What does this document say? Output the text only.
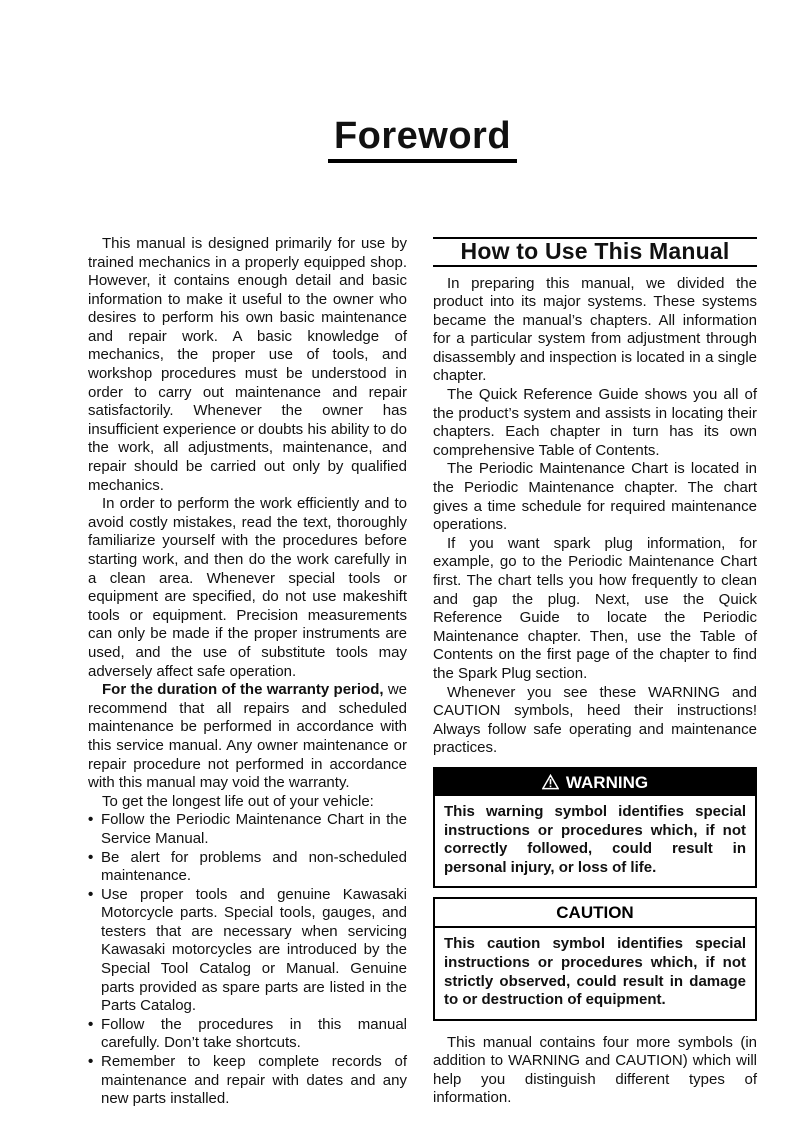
Foreword

This manual is designed primarily for use by trained mechanics in a properly equipped shop. However, it contains enough detail and basic information to make it useful to the owner who desires to perform his own basic maintenance and repair work. A basic knowledge of mechanics, the proper use of tools, and workshop procedures must be understood in order to carry out maintenance and repair satisfactorily. Whenever the owner has insufficient experience or doubts his ability to do the work, all adjustments, maintenance, and repair should be carried out only by qualified mechanics.

In order to perform the work efficiently and to avoid costly mistakes, read the text, thoroughly familiarize yourself with the procedures before starting work, and then do the work carefully in a clean area. Whenever special tools or equipment are specified, do not use makeshift tools or equipment. Precision measurements can only be made if the proper instruments are used, and the use of substitute tools may adversely affect safe operation.

For the duration of the warranty period, we recommend that all repairs and scheduled maintenance be performed in accordance with this service manual. Any owner maintenance or repair procedure not performed in accordance with this manual may void the warranty.

To get the longest life out of your vehicle:

• Follow the Periodic Maintenance Chart in the Service Manual.
• Be alert for problems and non-scheduled maintenance.
• Use proper tools and genuine Kawasaki Motorcycle parts. Special tools, gauges, and testers that are necessary when servicing Kawasaki motorcycles are introduced by the Special Tool Catalog or Manual. Genuine parts provided as spare parts are listed in the Parts Catalog.
• Follow the procedures in this manual carefully. Don’t take shortcuts.
• Remember to keep complete records of maintenance and repair with dates and any new parts installed.
How to Use This Manual

In preparing this manual, we divided the product into its major systems. These systems became the manual’s chapters. All information for a particular system from adjustment through disassembly and inspection is located in a single chapter.

The Quick Reference Guide shows you all of the product’s system and assists in locating their chapters. Each chapter in turn has its own comprehensive Table of Contents.

The Periodic Maintenance Chart is located in the Periodic Maintenance chapter. The chart gives a time schedule for required maintenance operations.

If you want spark plug information, for example, go to the Periodic Maintenance Chart first. The chart tells you how frequently to clean and gap the plug. Next, use the Quick Reference Guide to locate the Periodic Maintenance chapter. Then, use the Table of Contents on the first page of the chapter to find the Spark Plug section.

Whenever you see these WARNING and CAUTION symbols, heed their instructions! Always follow safe operating and maintenance practices.

WARNING
This warning symbol identifies special instructions or procedures which, if not correctly followed, could result in personal injury, or loss of life.
CAUTION
This caution symbol identifies special instructions or procedures which, if not strictly observed, could result in damage to or destruction of equipment.

This manual contains four more symbols (in addition to WARNING and CAUTION) which will help you distinguish different types of information.
